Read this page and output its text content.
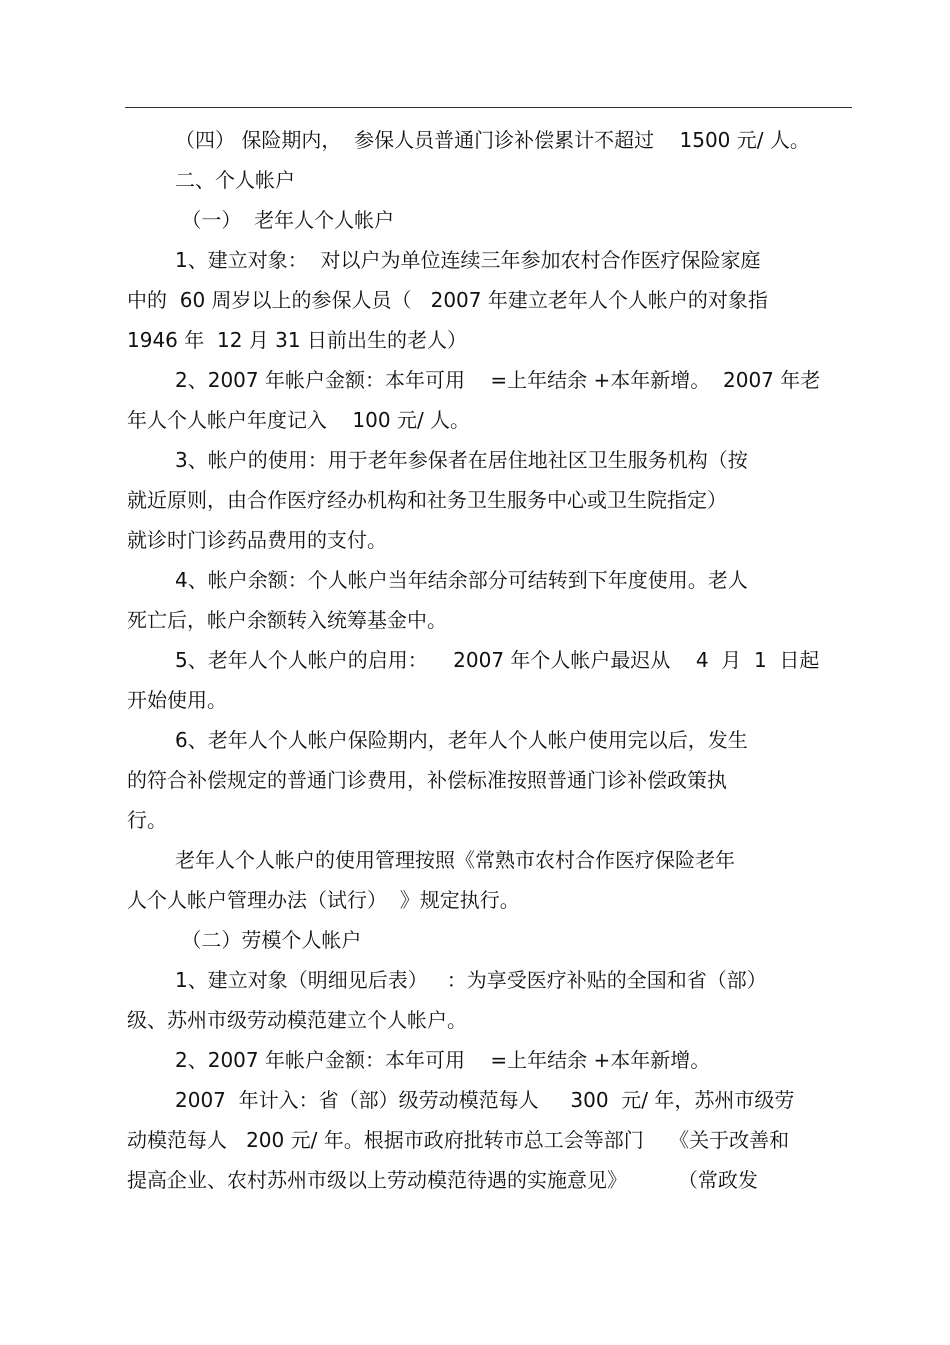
（四） 保险期内，  参保人员普通门诊补偿累计不超过    1500 元/ 人。
二、个人帐户
（一）  老年人个人帐户
1、建立对象：  对以户为单位连续三年参加农村合作医疗保险家庭
中的  60 周岁以上的参保人员（   2007 年建立老年人个人帐户的对象指
1946 年  12 月 31 日前出生的老人）
2、2007 年帐户金额：本年可用    =上年结余 +本年新增。  2007 年老
年人个人帐户年度记入    100 元/ 人。
3、帐户的使用：用于老年参保者在居住地社区卫生服务机构（按
就近原则，由合作医疗经办机构和社务卫生服务中心或卫生院指定）
就诊时门诊药品费用的支付。
4、帐户余额：个人帐户当年结余部分可结转到下年度使用。老人
死亡后，帐户余额转入统筹基金中。
5、老年人个人帐户的启用：    2007 年个人帐户最迟从    4  月  1  日起
开始使用。
6、老年人个人帐户保险期内，老年人个人帐户使用完以后，发生
的符合补偿规定的普通门诊费用，补偿标准按照普通门诊补偿政策执
行。
老年人个人帐户的使用管理按照《常熟市农村合作医疗保险老年
人个人帐户管理办法（试行）  》规定执行。
（二）劳模个人帐户
1、建立对象（明细见后表）   ：为享受医疗补贴的全国和省（部）
级、苏州市级劳动模范建立个人帐户。
2、2007 年帐户金额：本年可用    =上年结余 +本年新增。
2007  年计入：省（部）级劳动模范每人     300  元/ 年，苏州市级劳
动模范每人   200 元/ 年。根据市政府批转市总工会等部门    《关于改善和
提高企业、农村苏州市级以上劳动模范待遇的实施意见》        （常政发
